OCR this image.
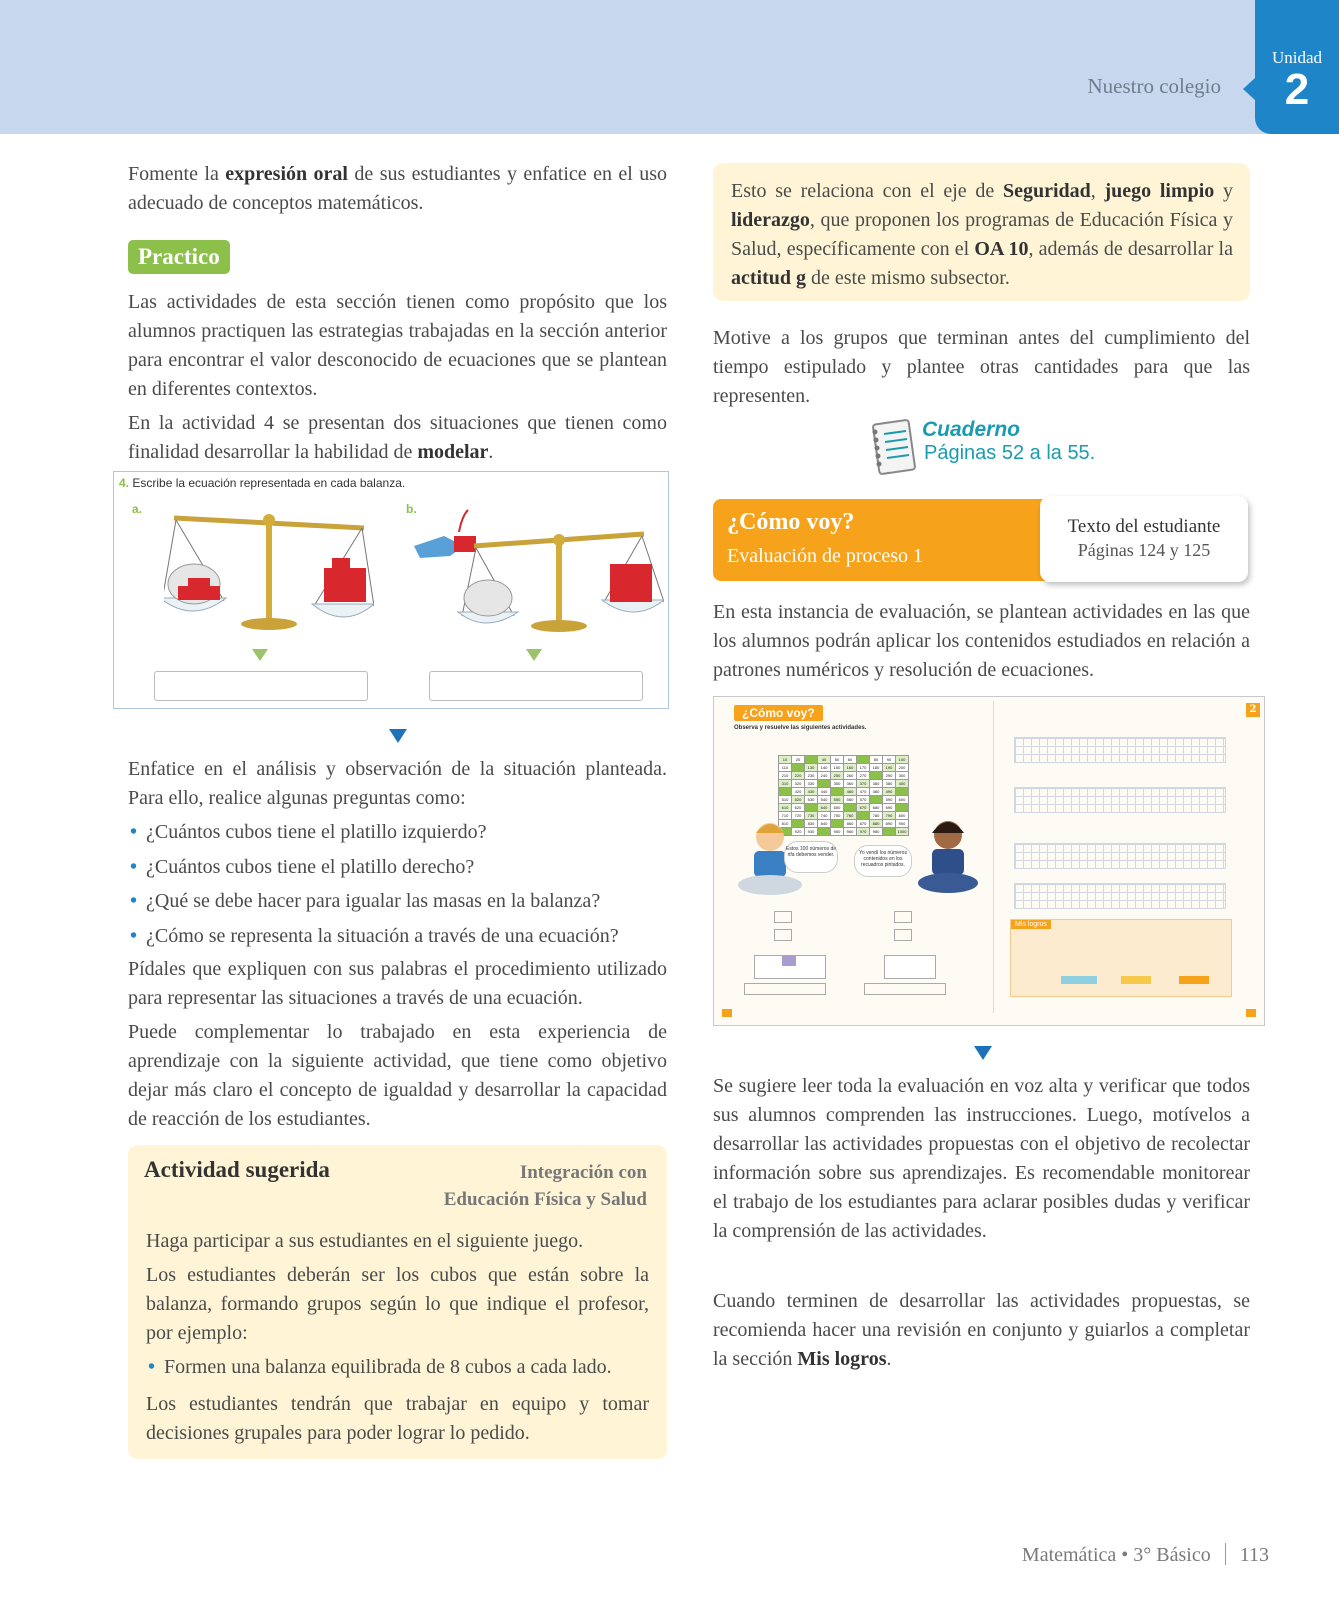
Nuestro colegio
Unidad
2
Fomente la expresión oral de sus estudiantes y enfatice en el uso adecuado de conceptos matemáticos.
Practico
Las actividades de esta sección tienen como propósito que los alumnos practiquen las estrategias trabajadas en la sección anterior para encontrar el valor desconocido de ecuaciones que se plantean en diferentes contextos.
En la actividad 4 se presentan dos situaciones que tienen como finalidad desarrollar la habilidad de modelar.
4. Escribe la ecuación representada en cada balanza.
a.	b.
Enfatice en el análisis y observación de la situación planteada. Para ello, realice algunas preguntas como:
• ¿Cuántos cubos tiene el platillo izquierdo?
• ¿Cuántos cubos tiene el platillo derecho?
• ¿Qué se debe hacer para igualar las masas en la balanza?
• ¿Cómo se representa la situación a través de una ecuación?
Pídales que expliquen con sus palabras el procedimiento utilizado para representar las situaciones a través de una ecuación.
Puede complementar lo trabajado en esta experiencia de aprendizaje con la siguiente actividad, que tiene como objetivo dejar más claro el concepto de igualdad y desarrollar la capacidad de reacción de los estudiantes.
Actividad sugerida	Integración con
Educación Física y Salud
Haga participar a sus estudiantes en el siguiente juego.
Los estudiantes deberán ser los cubos que están sobre la balanza, formando grupos según lo que indique el profesor, por ejemplo:
• Formen una balanza equilibrada de 8 cubos a cada lado.
Los estudiantes tendrán que trabajar en equipo y tomar decisiones grupales para poder lograr lo pedido.
Esto se relaciona con el eje de Seguridad, juego limpio y liderazgo, que proponen los programas de Educación Física y Salud, específicamente con el OA 10, además de desarrollar la actitud g de este mismo subsector.
Motive a los grupos que terminan antes del cumplimiento del tiempo estipulado y plantee otras cantidades para que las representen.
Cuaderno
Páginas 52 a la 55.
¿Cómo voy?
Evaluación de proceso 1
Texto del estudiante
Páginas 124 y 125
En esta instancia de evaluación, se plantean actividades en las que los alumnos podrán aplicar los contenidos estudiados en relación a patrones numéricos y resolución de ecuaciones.
¿Cómo voy?
Observa y resuelve las siguientes actividades.
2
10	20		40	50	60		80	90	100
110		130	140	150	160	170	180	190	200
210	220	230	240	250	260	270		290	300
310	320	330		350	360	370	380	380	400
	420	430	440		460	470	480	490	
510	520	530	540	550	560	570		590	600
610	620		640	650		670	680	690	
710	720	730	740	750	760		780	790	800
810		830	840		860	870	880	890	900
	920	930		950	960	970	980		1000
Estos 100 números de rifa debemos vender.	Yo vendí los números contenidos en los recuadros pintados.
Mis logros
Se sugiere leer toda la evaluación en voz alta y verificar que todos sus alumnos comprenden las instrucciones. Luego, motívelos a desarrollar las actividades propuestas con el objetivo de recolectar información sobre sus aprendizajes. Es recomendable monitorear el trabajo de los estudiantes para aclarar posibles dudas y verificar la comprensión de las actividades.
Cuando terminen de desarrollar las actividades propuestas, se recomienda hacer una revisión en conjunto y guiarlos a completar la sección Mis logros.
Matemática • 3° Básico 113
